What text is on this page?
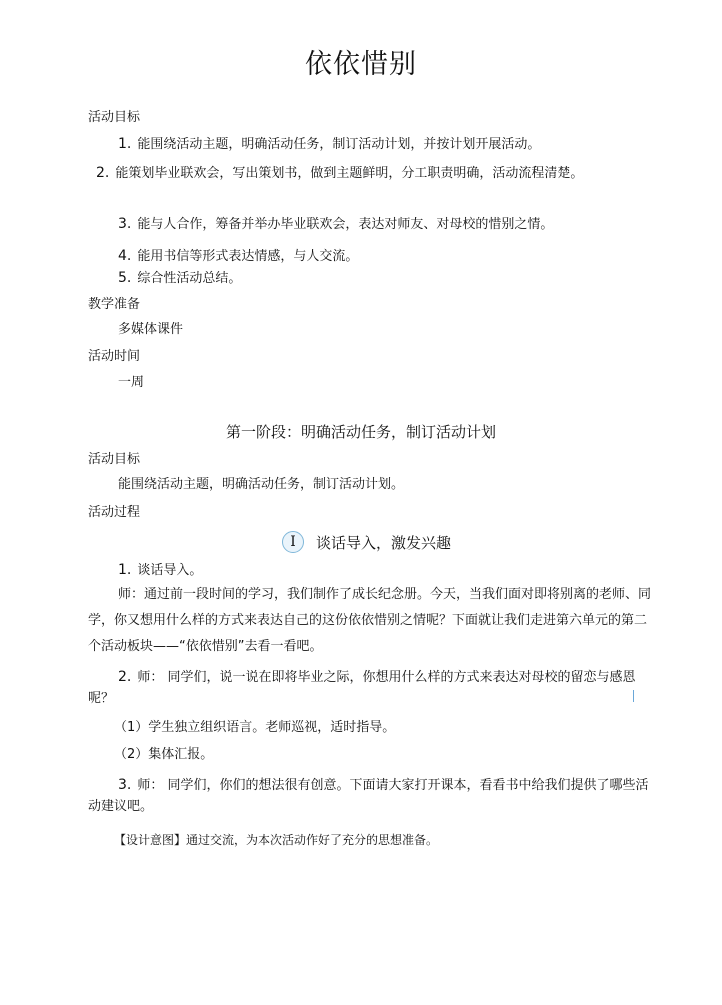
依依惜别
活动目标
1. 能围绕活动主题，明确活动任务，制订活动计划，并按计划开展活动。
2. 能策划毕业联欢会，写出策划书，做到主题鲜明，分工职责明确，活动流程清楚。
3. 能与人合作，筹备并举办毕业联欢会，表达对师友、对母校的惜别之情。
4. 能用书信等形式表达情感，与人交流。
5. 综合性活动总结。
教学准备
多媒体课件
活动时间
一周
第一阶段：明确活动任务，制订活动计划
活动目标
能围绕活动主题，明确活动任务，制订活动计划。
活动过程
I	谈话导入，激发兴趣
1. 谈话导入。
师：通过前一段时间的学习，我们制作了成长纪念册。今天，当我们面对即将别离的老师、同学，你又想用什么样的方式来表达自己的这份依依惜别之情呢？下面就让我们走进第六单元的第二个活动板块——“依依惜别”去看一看吧。
2. 师： 同学们，说一说在即将毕业之际，你想用什么样的方式来表达对母校的留恋与感恩呢？
（1）学生独立组织语言。老师巡视，适时指导。
（2）集体汇报。
3. 师： 同学们，你们的想法很有创意。下面请大家打开课本，看看书中给我们提供了哪些活动建议吧。
【设计意图】通过交流，为本次活动作好了充分的思想准备。
